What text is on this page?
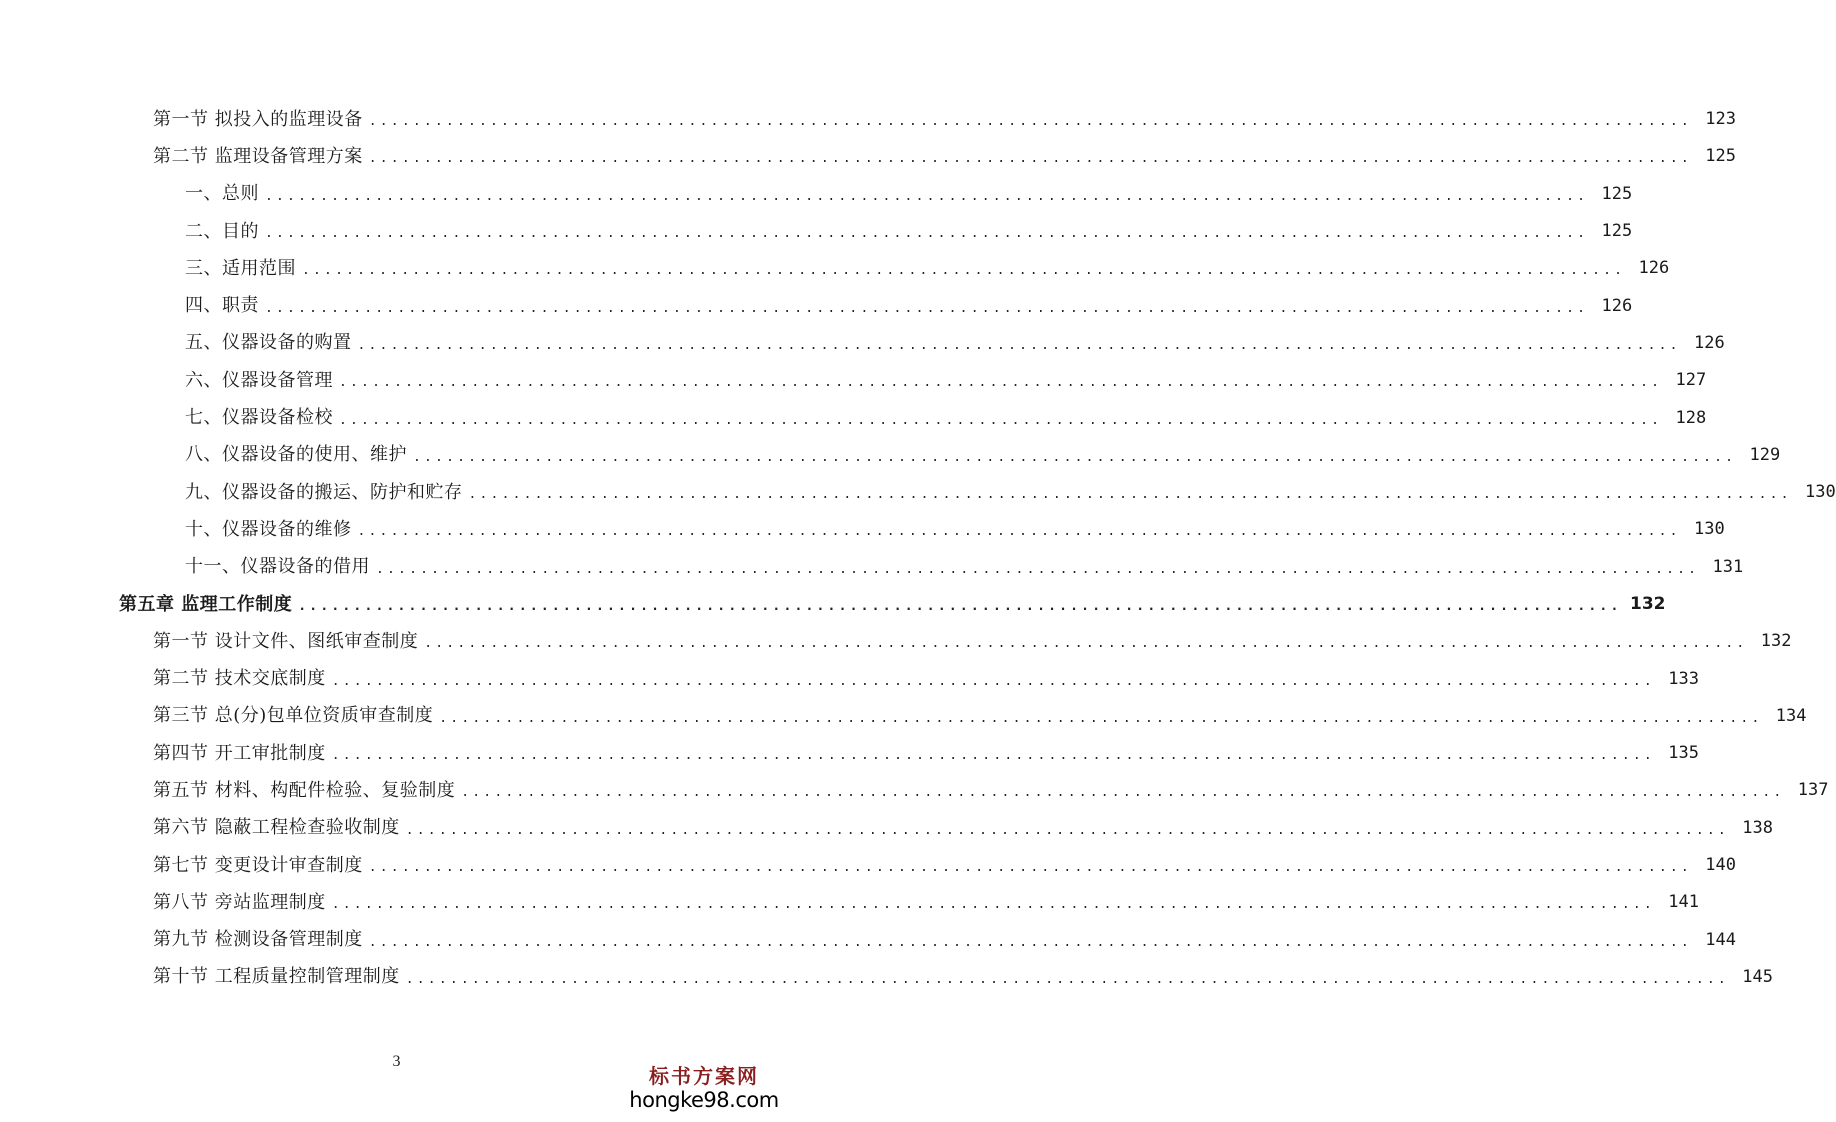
第一节 拟投入的监理设备 ........................................................................................................................ 123
第二节 监理设备管理方案 ........................................................................................................................ 125
一、总则 ........................................................................................................................ 125
二、目的 ........................................................................................................................ 125
三、适用范围 ........................................................................................................................ 126
四、职责 ........................................................................................................................ 126
五、仪器设备的购置 ........................................................................................................................ 126
六、仪器设备管理 ........................................................................................................................ 127
七、仪器设备检校 ........................................................................................................................ 128
八、仪器设备的使用、维护 ........................................................................................................................ 129
九、仪器设备的搬运、防护和贮存 ........................................................................................................................ 130
十、仪器设备的维修 ........................................................................................................................ 130
十一、仪器设备的借用 ........................................................................................................................ 131
第五章 监理工作制度 ........................................................................................................................ 132
第一节 设计文件、图纸审查制度 ........................................................................................................................ 132
第二节 技术交底制度 ........................................................................................................................ 133
第三节 总(分)包单位资质审查制度 ........................................................................................................................ 134
第四节 开工审批制度 ........................................................................................................................ 135
第五节 材料、构配件检验、复验制度 ........................................................................................................................ 137
第六节 隐蔽工程检查验收制度 ........................................................................................................................ 138
第七节 变更设计审查制度 ........................................................................................................................ 140
第八节 旁站监理制度 ........................................................................................................................ 141
第九节 检测设备管理制度 ........................................................................................................................ 144
第十节 工程质量控制管理制度 ........................................................................................................................ 145
3
标书方案网
hongke98.com
